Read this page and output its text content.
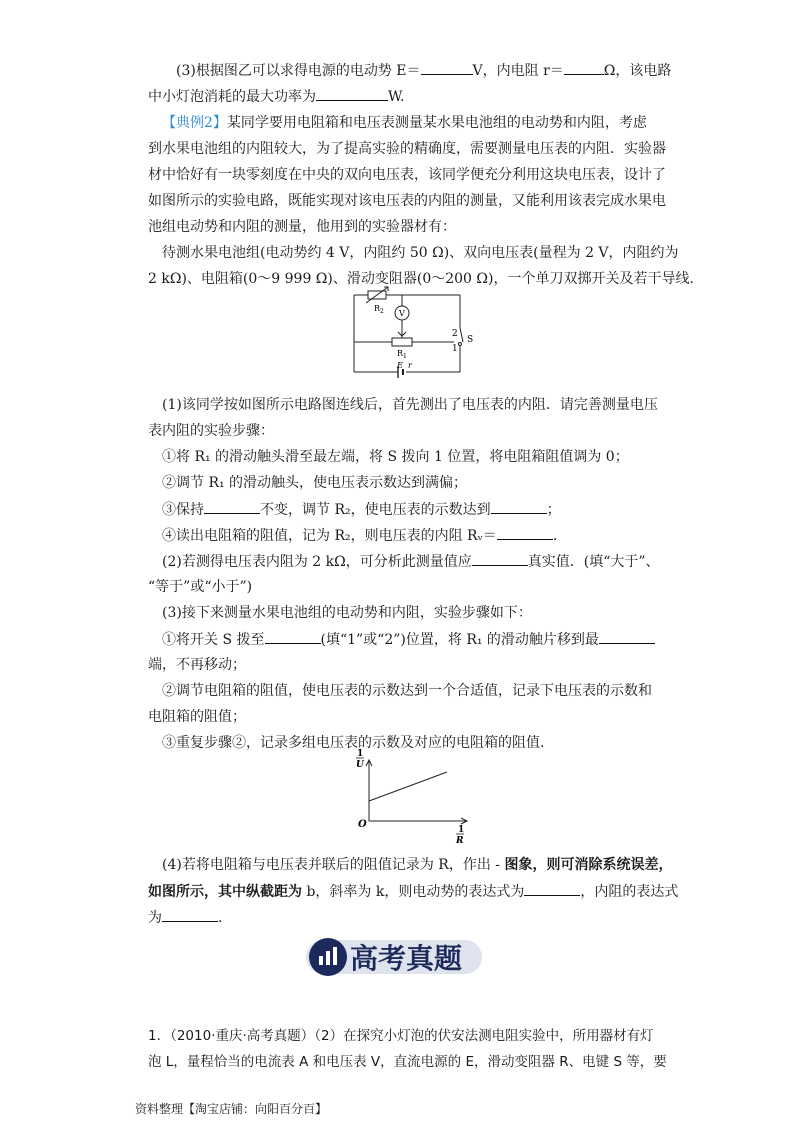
(3)根据图乙可以求得电源的电动势 E＝	V，内电阻 r＝	Ω，该电路
中小灯泡消耗的最大功率为	W.
【典例2】某同学要用电阻箱和电压表测量某水果电池组的电动势和内阻，考虑
到水果电池组的内阻较大，为了提高实验的精确度，需要测量电压表的内阻．实验器
材中恰好有一块零刻度在中央的双向电压表，该同学便充分利用这块电压表，设计了
如图所示的实验电路，既能实现对该电压表的内阻的测量，又能利用该表完成水果电
池组电动势和内阻的测量，他用到的实验器材有：
待测水果电池组(电动势约 4 V，内阻约 50 Ω)、双向电压表(量程为 2 V，内阻约为
2 kΩ)、电阻箱(0～9 999 Ω)、滑动变阻器(0～200 Ω)，一个单刀双掷开关及若干导线.
$R_2$ V
$R_1$
2
1
S
E r
(1)该同学按如图所示电路图连线后，首先测出了电压表的内阻．请完善测量电压
表内阻的实验步骤：
①将 R₁ 的滑动触头滑至最左端，将 S 拨向 1 位置，将电阻箱阻值调为 0；
②调节 R₁ 的滑动触头，使电压表示数达到满偏；
③保持	不变，调节 R₂，使电压表的示数达到	；
④读出电阻箱的阻值，记为 R₂，则电压表的内阻 Rᵥ＝	.
(2)若测得电压表内阻为 2 kΩ，可分析此测量值应	真实值．(填“大于”、
“等于”或“小于”)
(3)接下来测量水果电池组的电动势和内阻，实验步骤如下：
①将开关 S 拨至	(填“1”或“2”)位置，将 R₁ 的滑动触片移到最
端，不再移动；
②调节电阻箱的阻值，使电压表的示数达到一个合适值，记录下电压表的示数和
电阻箱的阻值；
③重复步骤②，记录多组电压表的示数及对应的电阻箱的阻值.
1
U
O	1
R
(4)若将电阻箱与电压表并联后的阻值记录为 R，作出 - 图象，则可消除系统误差，
如图所示，其中纵截距为 b，斜率为 k，则电动势的表达式为	，内阻的表达式
为	.
高考真题
1．（2010·重庆·高考真题）（2）在探究小灯泡的伏安法测电阻实验中，所用器材有灯
泡 L，量程恰当的电流表 A 和电压表 V，直流电源的 E，滑动变阻器 R、电键 S 等，要
资料整理【淘宝店铺：向阳百分百】
